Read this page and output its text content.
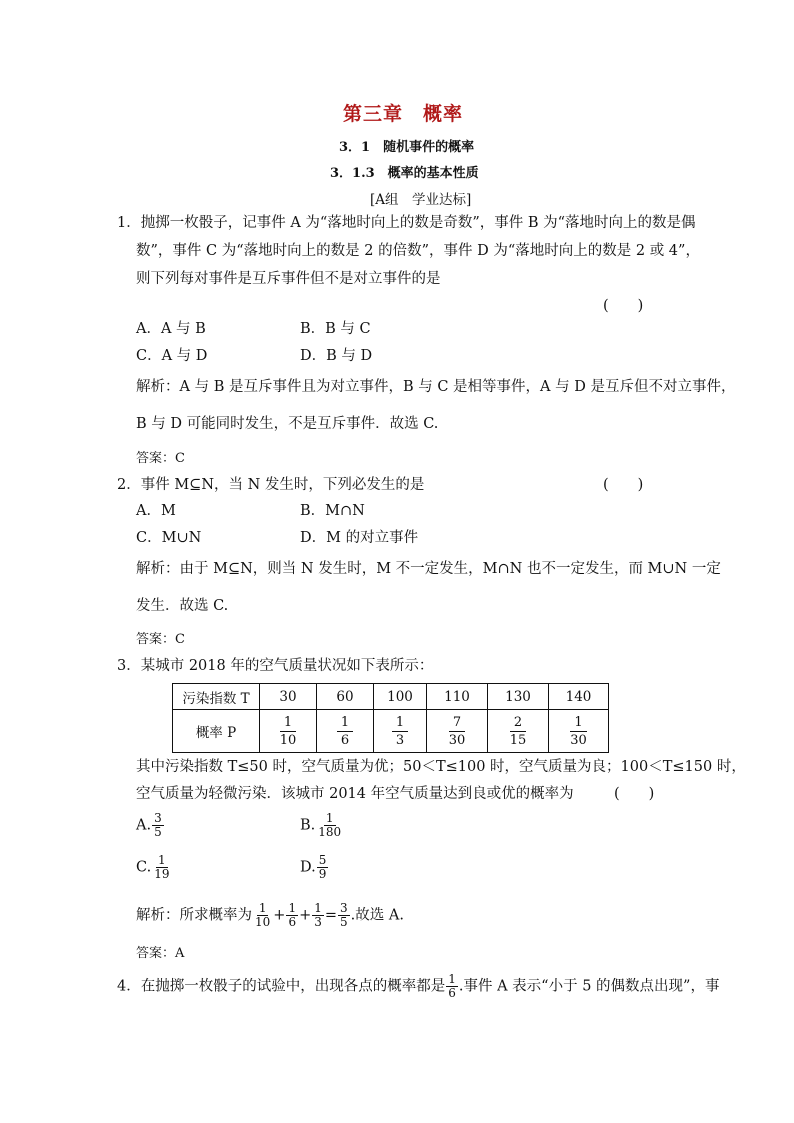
第三章　概率
3．1　随机事件的概率
3．1.3　概率的基本性质
[A组　学业达标]
1．抛掷一枚骰子，记事件 A 为“落地时向上的数是奇数”，事件 B 为“落地时向上的数是偶
数”，事件 C 为“落地时向上的数是 2 的倍数”，事件 D 为“落地时向上的数是 2 或 4”，
则下列每对事件是互斥事件但不是对立事件的是
(　　)
A．A 与 B	B．B 与 C
C．A 与 D	D．B 与 D
解析：A 与 B 是互斥事件且为对立事件，B 与 C 是相等事件，A 与 D 是互斥但不对立事件，
B 与 D 可能同时发生，不是互斥事件．故选 C.
答案：C
2．事件 M⊆N，当 N 发生时，下列必发生的是	(　　)
A．M	B．M∩N
C．M∪N	D．M 的对立事件
解析：由于 M⊆N，则当 N 发生时，M 不一定发生，M∩N 也不一定发生，而 M∪N 一定
发生．故选 C.
答案：C
3．某城市 2018 年的空气质量状况如下表所示：
污染指数 T	30	60	100	110	130	140
概率 P	$\frac{1}{10}$	$\frac{1}{6}$	$\frac{1}{3}$	$\frac{7}{30}$	$\frac{2}{15}$	$\frac{1}{30}$
其中污染指数 T≤50 时，空气质量为优；50＜T≤100 时，空气质量为良；100＜T≤150 时，
空气质量为轻微污染．该城市 2014 年空气质量达到良或优的概率为	(　　)
A. $\frac{3}{5}$	B. $\frac{1}{180}$
C. $\frac{1}{19}$	D. $\frac{5}{9}$
解析：所求概率为 $\frac{1}{10} + \frac{1}{6} + \frac{1}{3} = \frac{3}{5}$ .故选 A.
答案：A
4．在抛掷一枚骰子的试验中，出现各点的概率都是 $\frac{1}{6}$ .事件 A 表示“小于 5 的偶数点出现”，事
